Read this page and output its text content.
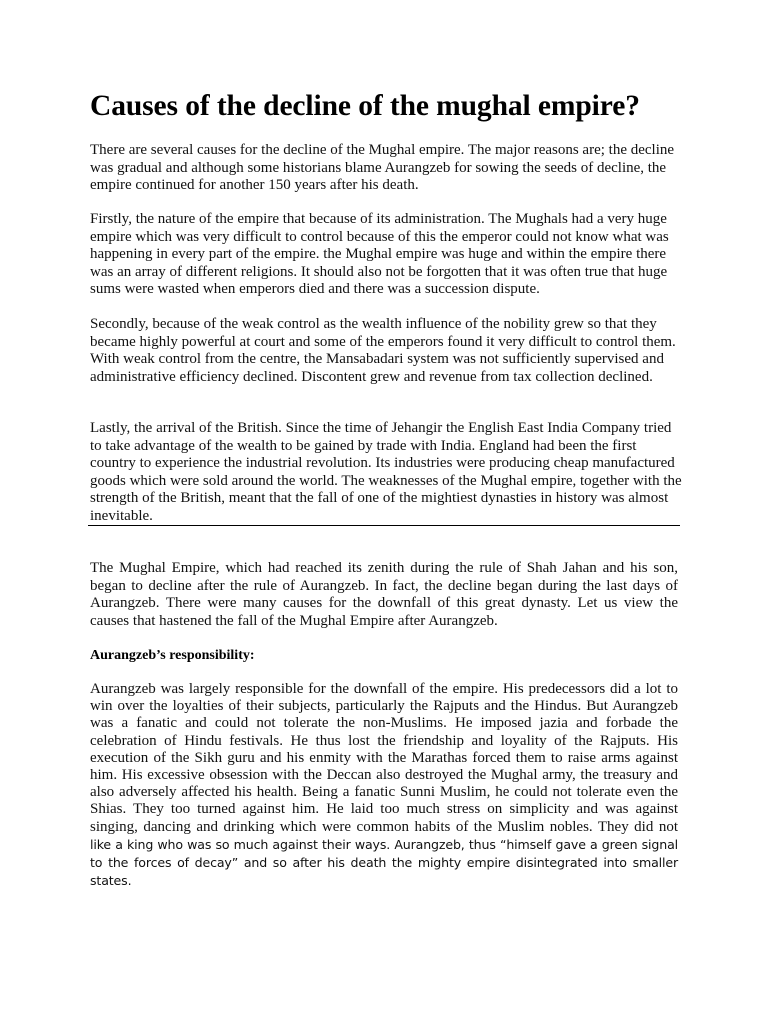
Causes of the decline of the mughal empire?

There are several causes for the decline of the Mughal empire. The major reasons are; the decline was gradual and although some historians blame Aurangzeb for sowing the seeds of decline, the empire continued for another 150 years after his death.

Firstly, the nature of the empire that because of its administration. The Mughals had a very huge empire which was very difficult to control because of this the emperor could not know what was happening in every part of the empire. the Mughal empire was huge and within the empire there was an array of different religions. It should also not be forgotten that it was often true that huge sums were wasted when emperors died and there was a succession dispute.

Secondly, because of the weak control as the wealth influence of the nobility grew so that they became highly powerful at court and some of the emperors found it very difficult to control them. With weak control from the centre, the Mansabadari system was not sufficiently supervised and administrative efficiency declined. Discontent grew and revenue from tax collection declined.

Lastly, the arrival of the British. Since the time of Jehangir the English East India Company tried to take advantage of the wealth to be gained by trade with India. England had been the first country to experience the industrial revolution. Its industries were producing cheap manufactured goods which were sold around the world. The weaknesses of the Mughal empire, together with the strength of the British, meant that the fall of one of the mightiest dynasties in history was almost inevitable.

The Mughal Empire, which had reached its zenith during the rule of Shah Jahan and his son, began to decline after the rule of Aurangzeb. In fact, the decline began during the last days of Aurangzeb. There were many causes for the downfall of this great dynasty. Let us view the causes that hastened the fall of the Mughal Empire after Aurangzeb.

Aurangzeb’s responsibility:

Aurangzeb was largely responsible for the downfall of the empire. His predecessors did a lot to win over the loyalties of their subjects, particularly the Rajputs and the Hindus. But Aurangzeb was a fanatic and could not tolerate the non-Muslims. He imposed jazia and forbade the celebration of Hindu festivals. He thus lost the friendship and loyality of the Rajputs. His execution of the Sikh guru and his enmity with the Marathas forced them to raise arms against him. His excessive obsession with the Deccan also destroyed the Mughal army, the treasury and also adversely affected his health. Being a fanatic Sunni Muslim, he could not tolerate even the Shias. They too turned against him. He laid too much stress on simplicity and was against singing, dancing and drinking which were common habits of the Muslim nobles. They did not like a king who was so much against their ways. Aurangzeb, thus “himself gave a green signal to the forces of decay” and so after his death the mighty empire disintegrated into smaller states.
